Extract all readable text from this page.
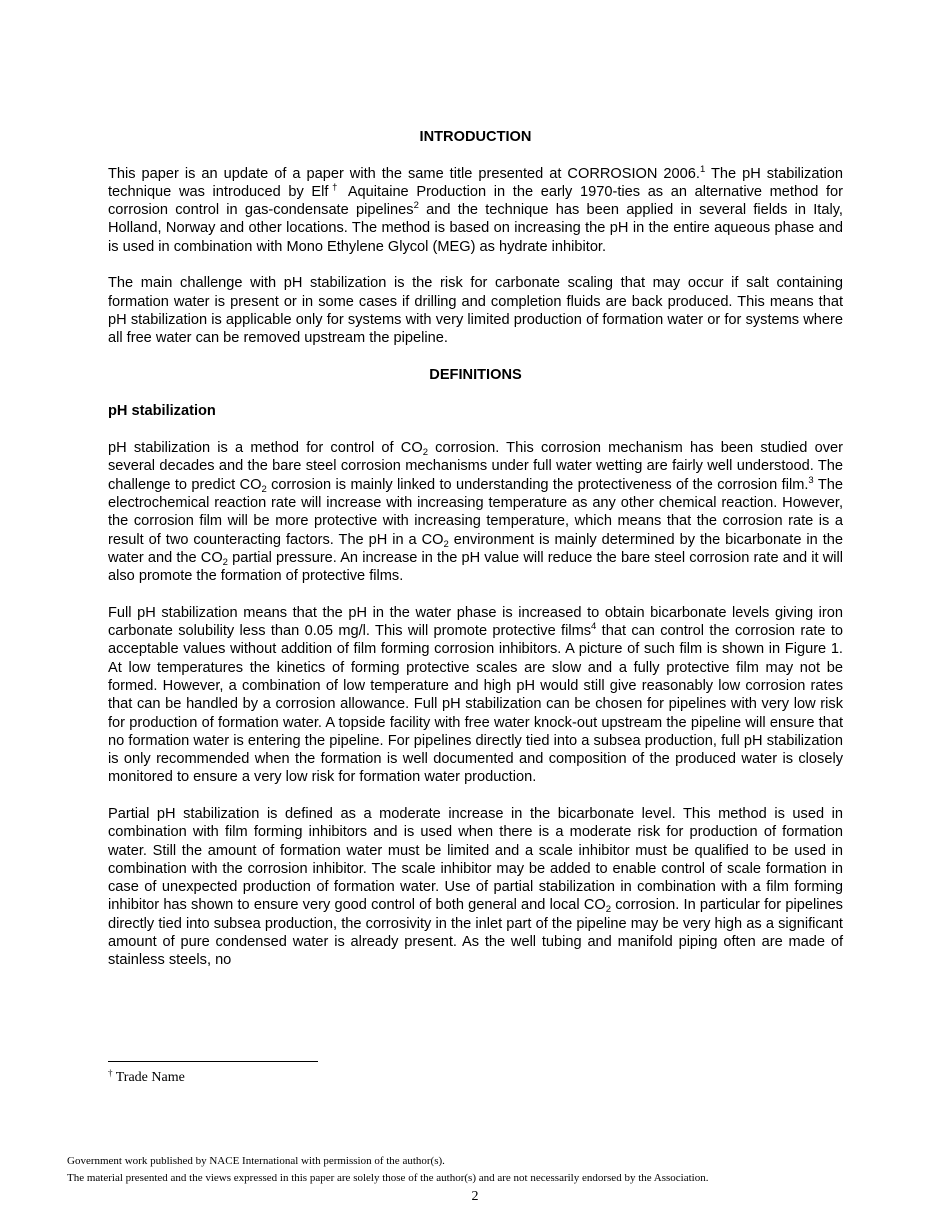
INTRODUCTION

This paper is an update of a paper with the same title presented at CORROSION 2006.$^1$ The pH stabilization technique was introduced by Elf† Aquitaine Production in the early 1970-ties as an alternative method for corrosion control in gas-condensate pipelines$^2$ and the technique has been applied in several fields in Italy, Holland, Norway and other locations. The method is based on increasing the pH in the entire aqueous phase and is used in combination with Mono Ethylene Glycol (MEG) as hydrate inhibitor.

The main challenge with pH stabilization is the risk for carbonate scaling that may occur if salt containing formation water is present or in some cases if drilling and completion fluids are back produced. This means that pH stabilization is applicable only for systems with very limited production of formation water or for systems where all free water can be removed upstream the pipeline.

DEFINITIONS

pH stabilization

pH stabilization is a method for control of $CO_2$ corrosion. This corrosion mechanism has been studied over several decades and the bare steel corrosion mechanisms under full water wetting are fairly well understood. The challenge to predict $CO_2$ corrosion is mainly linked to understanding the protectiveness of the corrosion film.$^3$ The electrochemical reaction rate will increase with increasing temperature as any other chemical reaction. However, the corrosion film will be more protective with increasing temperature, which means that the corrosion rate is a result of two counteracting factors. The pH in a $CO_2$ environment is mainly determined by the bicarbonate in the water and the $CO_2$ partial pressure. An increase in the pH value will reduce the bare steel corrosion rate and it will also promote the formation of protective films.

Full pH stabilization means that the pH in the water phase is increased to obtain bicarbonate levels giving iron carbonate solubility less than 0.05 mg/l. This will promote protective films$^4$ that can control the corrosion rate to acceptable values without addition of film forming corrosion inhibitors. A picture of such film is shown in Figure 1. At low temperatures the kinetics of forming protective scales are slow and a fully protective film may not be formed. However, a combination of low temperature and high pH would still give reasonably low corrosion rates that can be handled by a corrosion allowance. Full pH stabilization can be chosen for pipelines with very low risk for production of formation water. A topside facility with free water knock-out upstream the pipeline will ensure that no formation water is entering the pipeline. For pipelines directly tied into a subsea production, full pH stabilization is only recommended when the formation is well documented and composition of the produced water is closely monitored to ensure a very low risk for formation water production.

Partial pH stabilization is defined as a moderate increase in the bicarbonate level. This method is used in combination with film forming inhibitors and is used when there is a moderate risk for production of formation water. Still the amount of formation water must be limited and a scale inhibitor must be qualified to be used in combination with the corrosion inhibitor. The scale inhibitor may be added to enable control of scale formation in case of unexpected production of formation water. Use of partial stabilization in combination with a film forming inhibitor has shown to ensure very good control of both general and local $CO_2$ corrosion. In particular for pipelines directly tied into subsea production, the corrosivity in the inlet part of the pipeline may be very high as a significant amount of pure condensed water is already present. As the well tubing and manifold piping often are made of stainless steels, no

† Trade Name
Government work published by NACE International with permission of the author(s).
The material presented and the views expressed in this paper are solely those of the author(s) and are not necessarily endorsed by the Association.
2
